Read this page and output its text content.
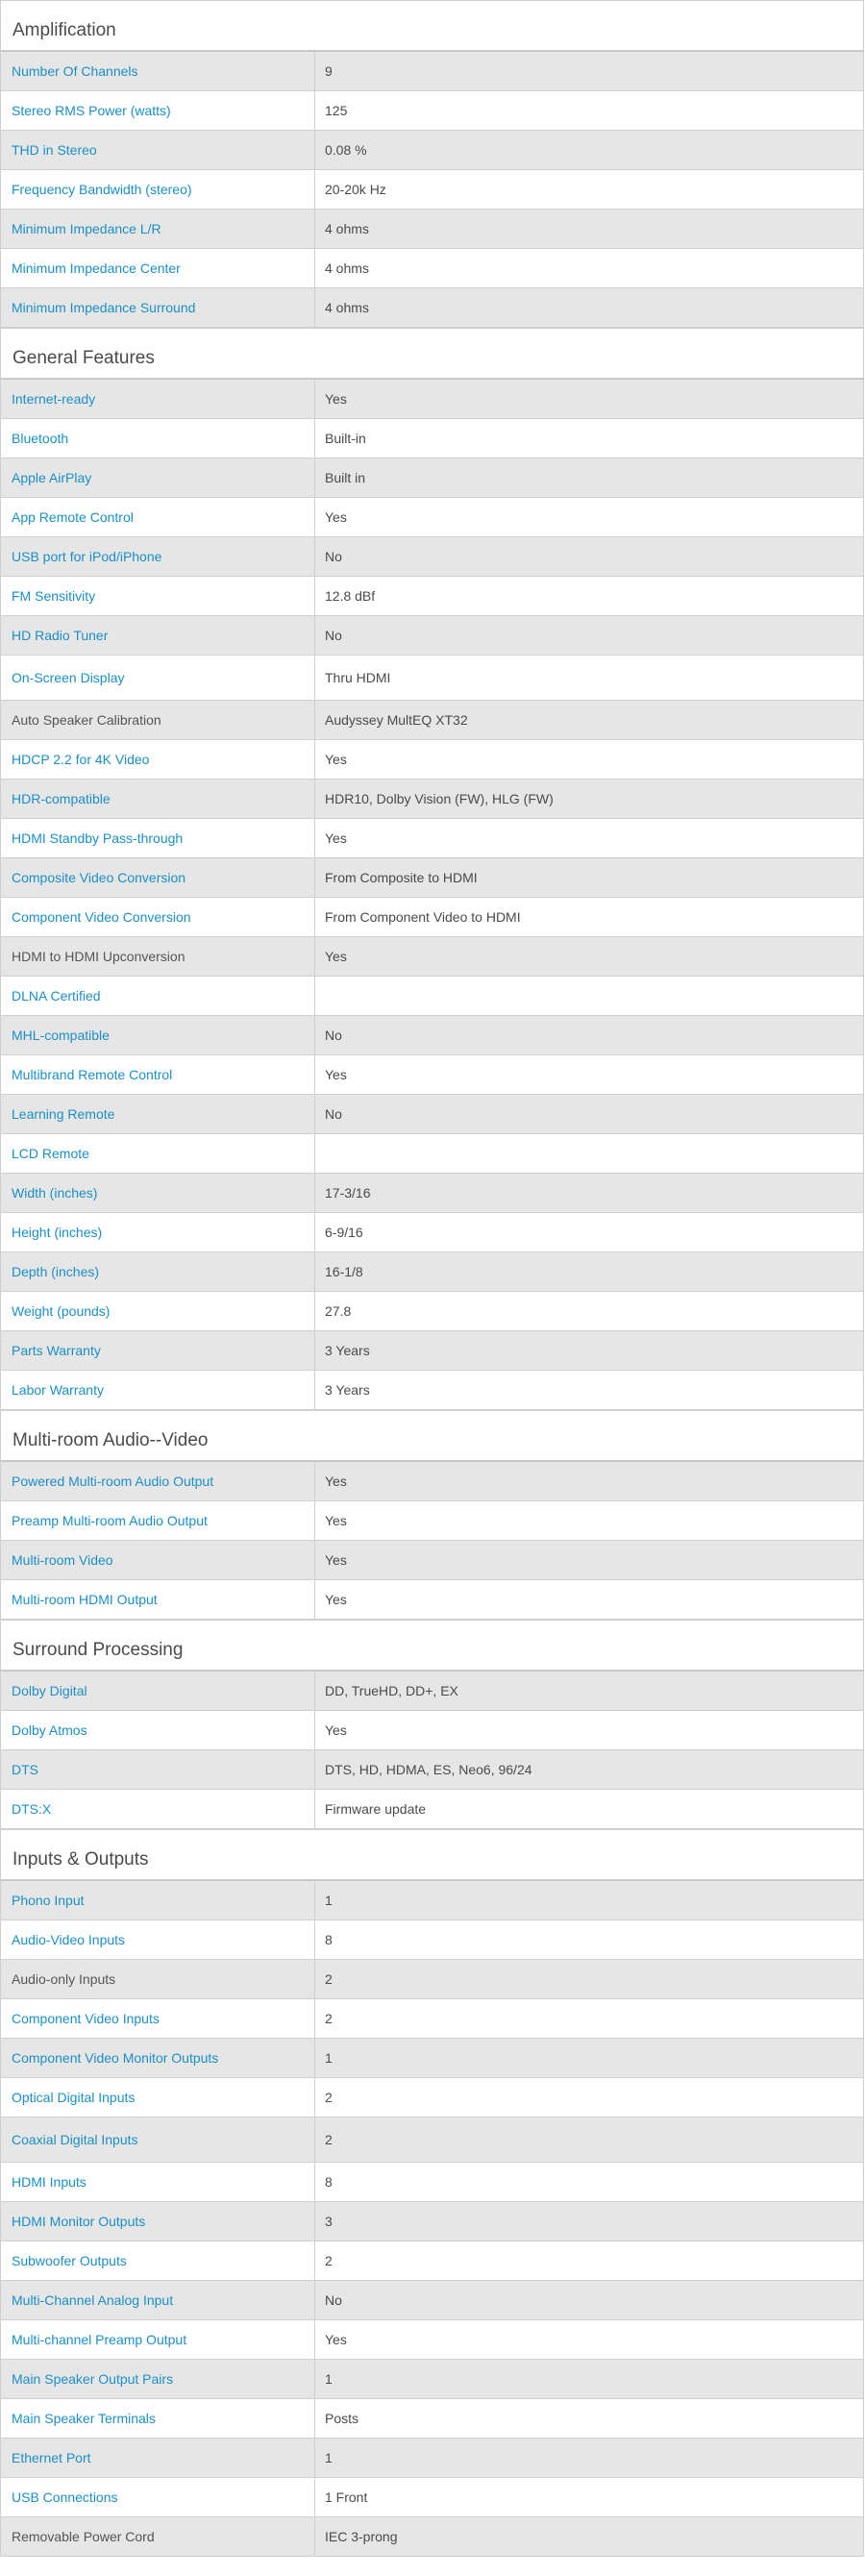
Amplification
Number Of Channels	9
Stereo RMS Power (watts)	125
THD in Stereo	0.08 %
Frequency Bandwidth (stereo)	20-20k Hz
Minimum Impedance L/R	4 ohms
Minimum Impedance Center	4 ohms
Minimum Impedance Surround	4 ohms
General Features
Internet-ready	Yes
Bluetooth	Built-in
Apple AirPlay	Built in
App Remote Control	Yes
USB port for iPod/iPhone	No
FM Sensitivity	12.8 dBf
HD Radio Tuner	No
On-Screen Display	Thru HDMI
Auto Speaker Calibration	Audyssey MultEQ XT32
HDCP 2.2 for 4K Video	Yes
HDR-compatible	HDR10, Dolby Vision (FW), HLG (FW)
HDMI Standby Pass-through	Yes
Composite Video Conversion	From Composite to HDMI
Component Video Conversion	From Component Video to HDMI
HDMI to HDMI Upconversion	Yes
DLNA Certified
MHL-compatible	No
Multibrand Remote Control	Yes
Learning Remote	No
LCD Remote
Width (inches)	17-3/16
Height (inches)	6-9/16
Depth (inches)	16-1/8
Weight (pounds)	27.8
Parts Warranty	3 Years
Labor Warranty	3 Years
Multi-room Audio--Video
Powered Multi-room Audio Output	Yes
Preamp Multi-room Audio Output	Yes
Multi-room Video	Yes
Multi-room HDMI Output	Yes
Surround Processing
Dolby Digital	DD, TrueHD, DD+, EX
Dolby Atmos	Yes
DTS	DTS, HD, HDMA, ES, Neo6, 96/24
DTS:X	Firmware update
Inputs & Outputs
Phono Input	1
Audio-Video Inputs	8
Audio-only Inputs	2
Component Video Inputs	2
Component Video Monitor Outputs	1
Optical Digital Inputs	2
Coaxial Digital Inputs	2
HDMI Inputs	8
HDMI Monitor Outputs	3
Subwoofer Outputs	2
Multi-Channel Analog Input	No
Multi-channel Preamp Output	Yes
Main Speaker Output Pairs	1
Main Speaker Terminals	Posts
Ethernet Port	1
USB Connections	1 Front
Removable Power Cord	IEC 3-prong
